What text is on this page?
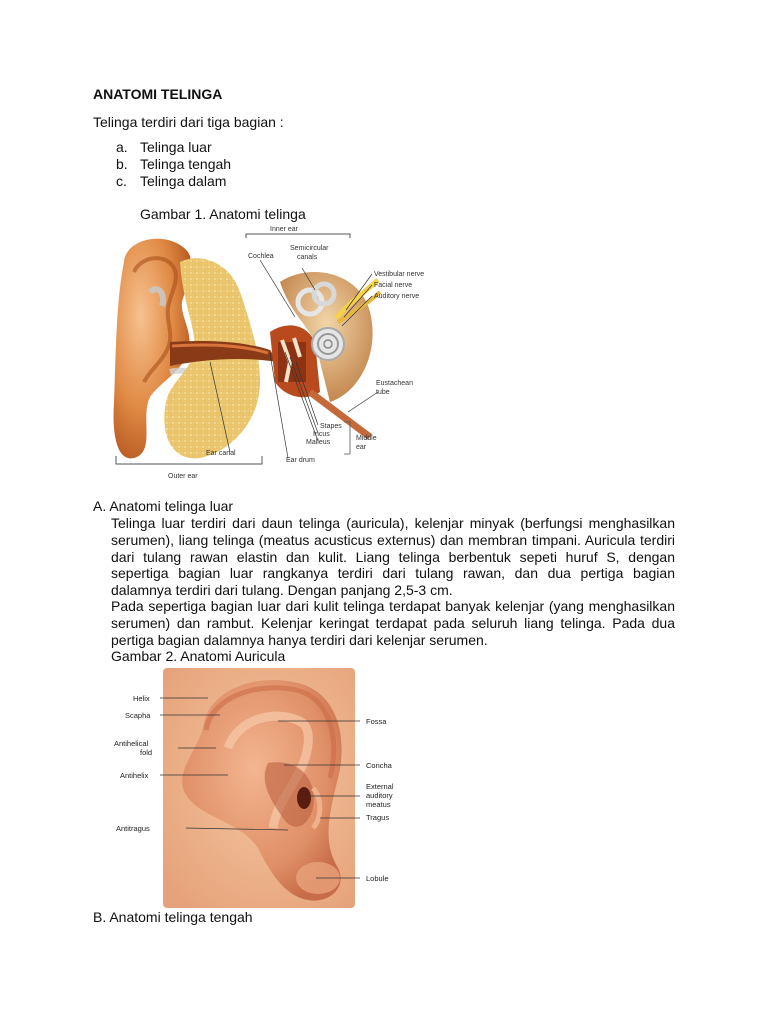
ANATOMI TELINGA
Telinga terdiri dari tiga bagian :
a. Telinga luar
b. Telinga tengah
c. Telinga dalam
Gambar 1. Anatomi telinga
Inner ear
Cochlea
Semicircular
canals
Vestibular nerve
Facial nerve
Auditory nerve
Eustachean
tube
Stapes
Incus
Malleus
Middle
ear
Ear canal
Ear drum
Outer ear
A. Anatomi telinga luar

Telinga luar terdiri dari daun telinga (auricula), kelenjar minyak (berfungsi menghasilkan serumen), liang telinga (meatus acusticus externus) dan membran timpani. Auricula terdiri dari tulang rawan elastin dan kulit. Liang telinga berbentuk sepeti huruf S, dengan sepertiga bagian luar rangkanya terdiri dari tulang rawan, dan dua pertiga bagian dalamnya terdiri dari tulang. Dengan panjang 2,5-3 cm.

Pada sepertiga bagian luar dari kulit telinga terdapat banyak kelenjar (yang menghasilkan serumen) dan rambut. Kelenjar keringat terdapat pada seluruh liang telinga. Pada dua pertiga bagian dalamnya hanya terdiri dari kelenjar serumen.

Gambar 2. Anatomi Auricula
Helix
Scapha
Antihelical
fold
Antihelix
Antitragus
Fossa
Concha
External
auditory
meatus
Tragus
Lobule
B. Anatomi telinga tengah
